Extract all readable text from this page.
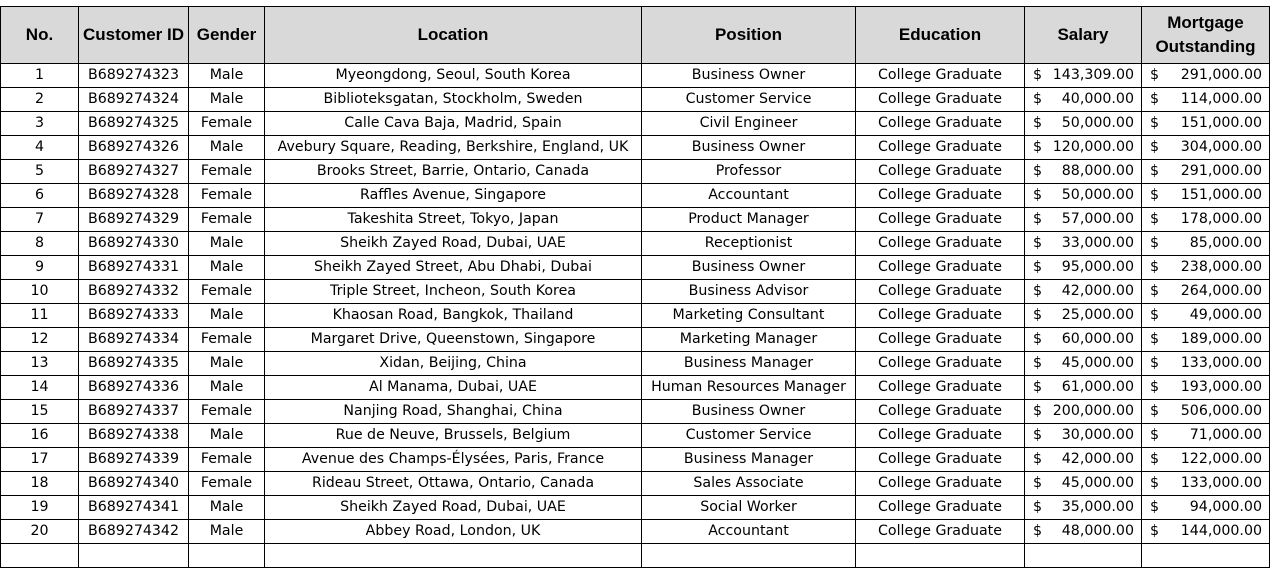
No.	Customer ID	Gender	Location	Position	Education	Salary	Mortgage
Outstanding

1	B689274323	Male	Myeongdong, Seoul, South Korea	Business Owner	College Graduate	$ 143,309.00	$ 291,000.00
2	B689274324	Male	Biblioteksgatan, Stockholm, Sweden	Customer Service	College Graduate	$ 40,000.00	$ 114,000.00
3	B689274325	Female	Calle Cava Baja, Madrid, Spain	Civil Engineer	College Graduate	$ 50,000.00	$ 151,000.00
4	B689274326	Male	Avebury Square, Reading, Berkshire, England, UK	Business Owner	College Graduate	$ 120,000.00	$ 304,000.00
5	B689274327	Female	Brooks Street, Barrie, Ontario, Canada	Professor	College Graduate	$ 88,000.00	$ 291,000.00
6	B689274328	Female	Raffles Avenue, Singapore	Accountant	College Graduate	$ 50,000.00	$ 151,000.00
7	B689274329	Female	Takeshita Street, Tokyo, Japan	Product Manager	College Graduate	$ 57,000.00	$ 178,000.00
8	B689274330	Male	Sheikh Zayed Road, Dubai, UAE	Receptionist	College Graduate	$ 33,000.00	$ 85,000.00
9	B689274331	Male	Sheikh Zayed Street, Abu Dhabi, Dubai	Business Owner	College Graduate	$ 95,000.00	$ 238,000.00
10	B689274332	Female	Triple Street, Incheon, South Korea	Business Advisor	College Graduate	$ 42,000.00	$ 264,000.00
11	B689274333	Male	Khaosan Road, Bangkok, Thailand	Marketing Consultant	College Graduate	$ 25,000.00	$ 49,000.00
12	B689274334	Female	Margaret Drive, Queenstown, Singapore	Marketing Manager	College Graduate	$ 60,000.00	$ 189,000.00
13	B689274335	Male	Xidan, Beijing, China	Business Manager	College Graduate	$ 45,000.00	$ 133,000.00
14	B689274336	Male	Al Manama, Dubai, UAE	Human Resources Manager	College Graduate	$ 61,000.00	$ 193,000.00
15	B689274337	Female	Nanjing Road, Shanghai, China	Business Owner	College Graduate	$ 200,000.00	$ 506,000.00
16	B689274338	Male	Rue de Neuve, Brussels, Belgium	Customer Service	College Graduate	$ 30,000.00	$ 71,000.00
17	B689274339	Female	Avenue des Champs-Élysées, Paris, France	Business Manager	College Graduate	$ 42,000.00	$ 122,000.00
18	B689274340	Female	Rideau Street, Ottawa, Ontario, Canada	Sales Associate	College Graduate	$ 45,000.00	$ 133,000.00
19	B689274341	Male	Sheikh Zayed Road, Dubai, UAE	Social Worker	College Graduate	$ 35,000.00	$ 94,000.00
20	B689274342	Male	Abbey Road, London, UK	Accountant	College Graduate	$ 48,000.00	$ 144,000.00
